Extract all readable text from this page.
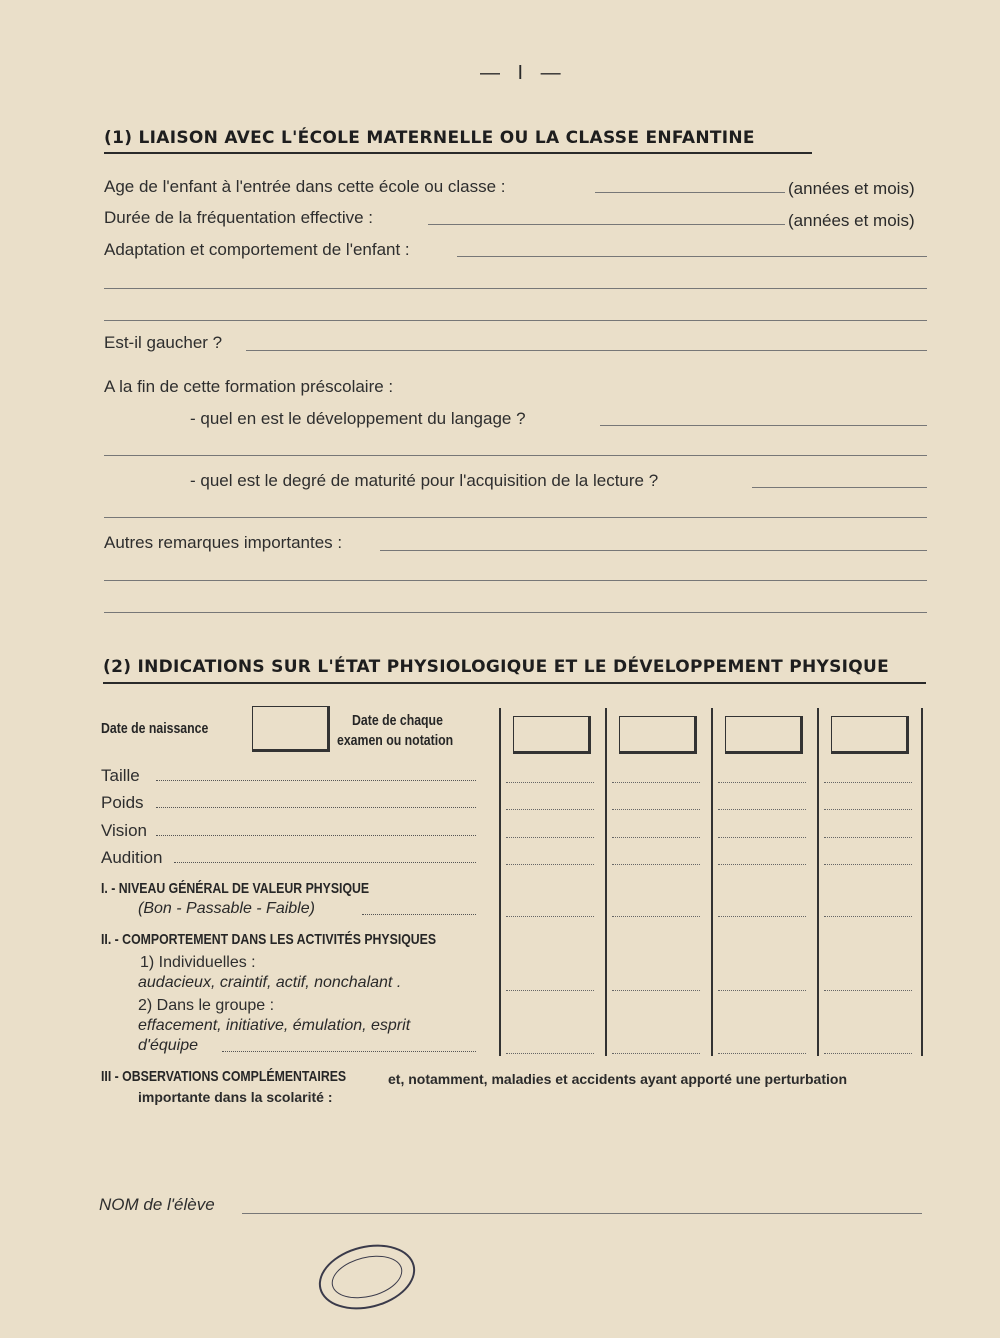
— I —
(1) LIAISON AVEC L'ÉCOLE MATERNELLE OU LA CLASSE ENFANTINE
Age de l'enfant à l'entrée dans cette école ou classe :	(années et mois)
Durée de la fréquentation effective :	(années et mois)
Adaptation et comportement de l'enfant :
Est-il gaucher ?
A la fin de cette formation préscolaire :
- quel en est le développement du langage ?
- quel est le degré de maturité pour l'acquisition de la lecture ?
Autres remarques importantes :
(2) INDICATIONS SUR L'ÉTAT PHYSIOLOGIQUE ET LE DÉVELOPPEMENT PHYSIQUE
Date de naissance	Date de chaque
examen ou notation
Taille
Poids
Vision
Audition
I. - NIVEAU GÉNÉRAL DE VALEUR PHYSIQUE
(Bon - Passable - Faible)
II. - COMPORTEMENT DANS LES ACTIVITÉS PHYSIQUES
1) Individuelles :
audacieux, craintif, actif, nonchalant .
2) Dans le groupe :
effacement, initiative, émulation, esprit
d'équipe
III - OBSERVATIONS COMPLÉMENTAIRES	et, notamment, maladies et accidents ayant apporté une perturbation
importante dans la scolarité :
NOM de l'élève
